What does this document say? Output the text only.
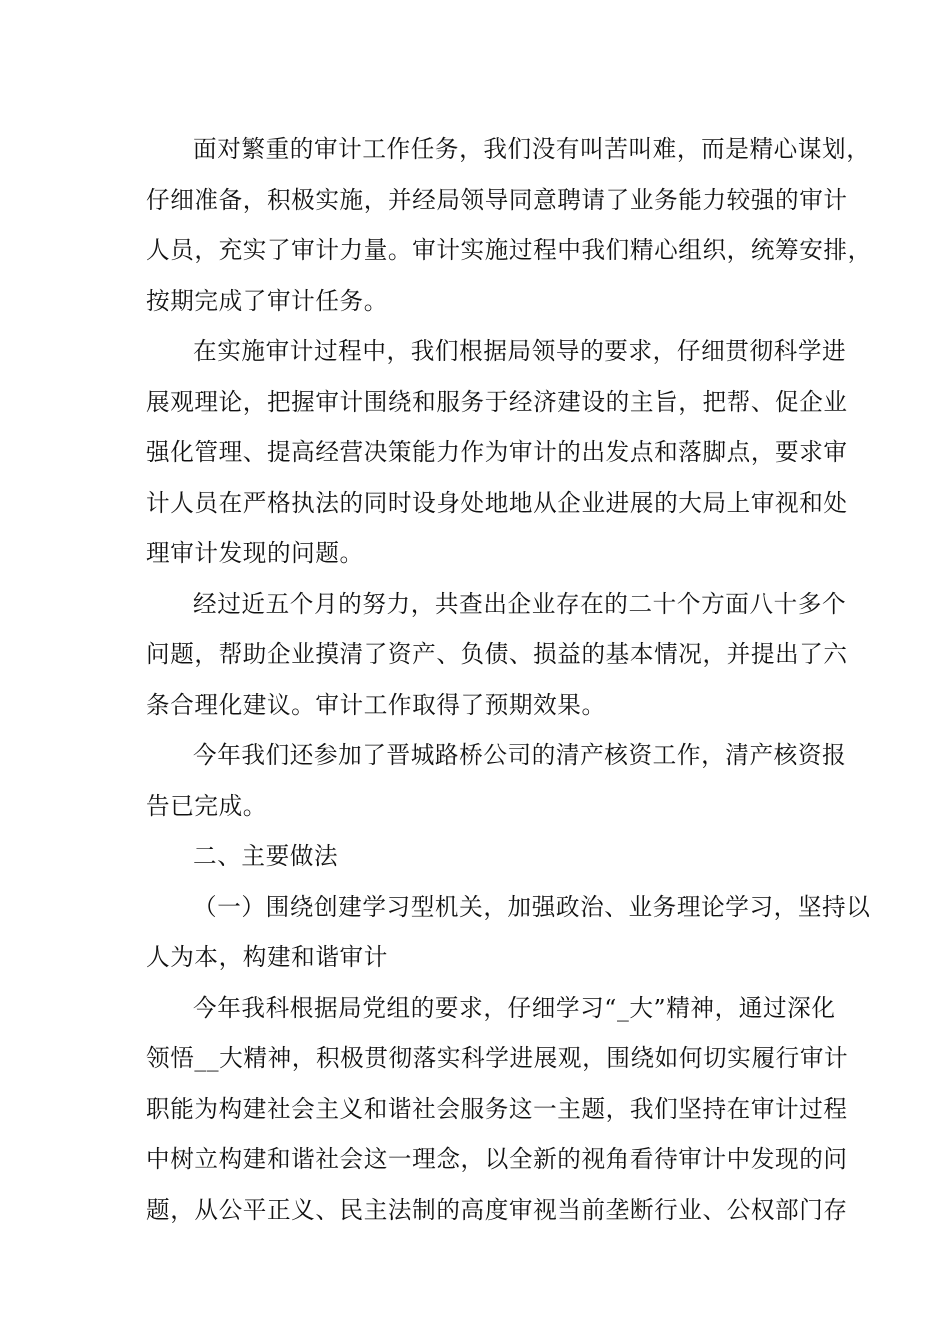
面对繁重的审计工作任务，我们没有叫苦叫难，而是精心谋划，
仔细准备，积极实施，并经局领导同意聘请了业务能力较强的审计
人员，充实了审计力量。审计实施过程中我们精心组织，统筹安排，
按期完成了审计任务。

在实施审计过程中，我们根据局领导的要求，仔细贯彻科学进
展观理论，把握审计围绕和服务于经济建设的主旨，把帮、促企业
强化管理、提高经营决策能力作为审计的出发点和落脚点，要求审
计人员在严格执法的同时设身处地地从企业进展的大局上审视和处
理审计发现的问题。

经过近五个月的努力，共查出企业存在的二十个方面八十多个
问题，帮助企业摸清了资产、负债、损益的基本情况，并提出了六
条合理化建议。审计工作取得了预期效果。

今年我们还参加了晋城路桥公司的清产核资工作，清产核资报
告已完成。

二、主要做法

（一）围绕创建学习型机关，加强政治、业务理论学习，坚持以
人为本，构建和谐审计

今年我科根据局党组的要求，仔细学习“_大”精神，通过深化
领悟__大精神，积极贯彻落实科学进展观，围绕如何切实履行审计
职能为构建社会主义和谐社会服务这一主题，我们坚持在审计过程
中树立构建和谐社会这一理念，以全新的视角看待审计中发现的问
题，从公平正义、民主法制的高度审视当前垄断行业、公权部门存
